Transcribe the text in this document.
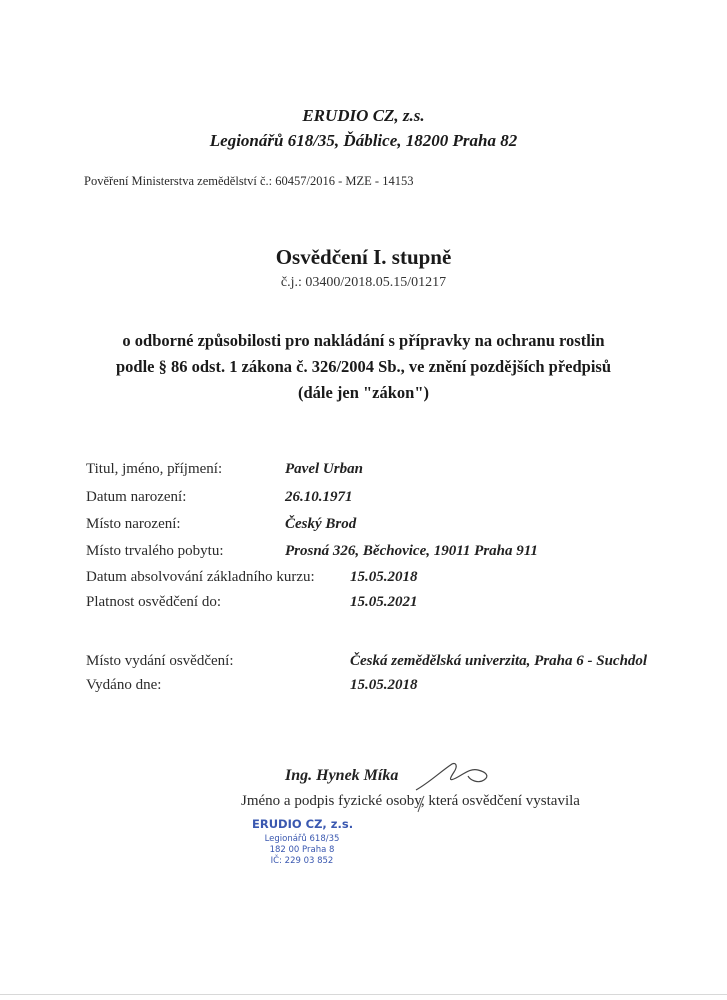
ERUDIO CZ, z.s.
Legionářů 618/35, Ďáblice, 18200 Praha 82
Pověření Ministerstva zemědělství č.: 60457/2016 - MZE - 14153
Osvědčení I. stupně
č.j.: 03400/2018.05.15/01217
o odborné způsobilosti pro nakládání s přípravky na ochranu rostlin
podle § 86 odst. 1 zákona č. 326/2004 Sb., ve znění pozdějších předpisů
(dále jen "zákon")
Titul, jméno, příjmení:	Pavel Urban
Datum narození:	26.10.1971
Místo narození:	Český Brod
Místo trvalého pobytu:	Prosná 326, Běchovice, 19011 Praha 911
Datum absolvování základního kurzu: 15.05.2018
Platnost osvědčení do:	15.05.2021
Místo vydání osvědčení:	Česká zemědělská univerzita, Praha 6 - Suchdol
Vydáno dne:	15.05.2018
Ing. Hynek Míka
Jméno a podpis fyzické osoby, která osvědčení vystavila
ERUDIO CZ, z.s.
Legionářů 618/35
182 00 Praha 8
IČ: 229 03 852
